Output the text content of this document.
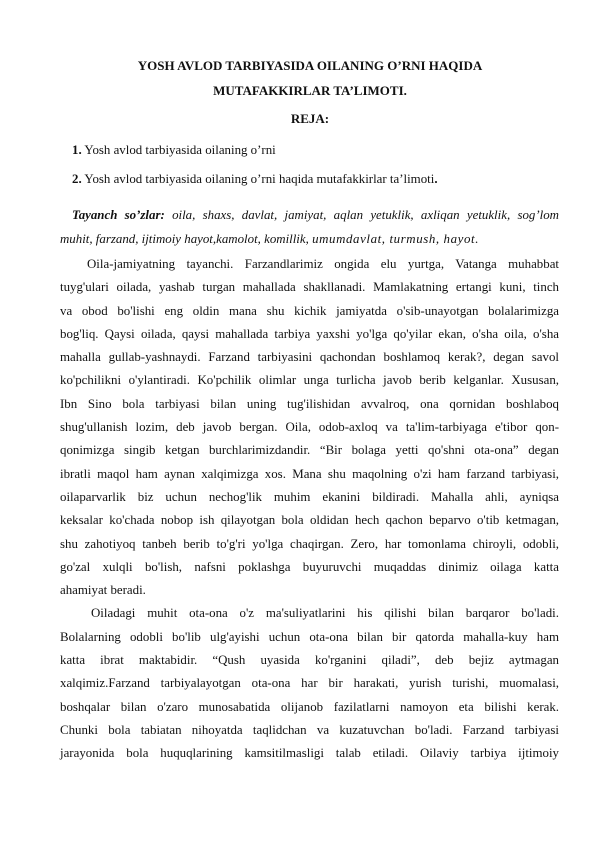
YOSH AVLOD TARBIYASIDA OILANING O’RNI HAQIDA

MUTAFAKKIRLAR TA’LIMOTI.

REJA:

1. Yosh avlod tarbiyasida oilaning o’rni
2. Yosh avlod tarbiyasida oilaning o’rni haqida mutafakkirlar ta’limoti.

Tayanch so’zlar: oila, shaxs, davlat, jamiyat, aqlan yetuklik, axliqan yetuklik, sog’lom
muhit, farzand, ijtimoiy hayot,kamolot, komillik, umumdavlat, turmush, hayot.

Oila-jamiyatning tayanchi. Farzandlarimiz ongida elu yurtga, Vatanga muhabbat
tuyg'ulari oilada, yashab turgan mahallada shakllanadi. Mamlakatning ertangi kuni, tinch
va obod bo'lishi eng oldin mana shu kichik jamiyatda o'sib-unayotgan bolalarimizga
bog'liq. Qaysi oilada, qaysi mahallada tarbiya yaxshi yo'lga qo'yilar ekan, o'sha oila, o'sha
mahalla gullab-yashnaydi. Farzand tarbiyasini qachondan boshlamoq kerak?, degan savol
ko'pchilikni o'ylantiradi. Ko'pchilik olimlar unga turlicha javob berib kelganlar. Xususan,
Ibn Sino bola tarbiyasi bilan uning tug'ilishidan avvalroq, ona qornidan boshlaboq
shug'ullanish lozim, deb javob bergan. Oila, odob-axloq va ta'lim-tarbiyaga e'tibor qon-
qonimizga singib ketgan burchlarimizdandir. “Bir bolaga yetti qo'shni ota-ona” degan
ibratli maqol ham aynan xalqimizga xos. Mana shu maqolning o'zi ham farzand tarbiyasi,
oilaparvarlik biz uchun nechog'lik muhim ekanini bildiradi. Mahalla ahli, ayniqsa
keksalar ko'chada nobop ish qilayotgan bola oldidan hech qachon beparvo o'tib ketmagan,
shu zahotiyoq tanbeh berib to'g'ri yo'lga chaqirgan. Zero, har tomonlama chiroyli, odobli,
go'zal xulqli bo'lish, nafsni poklashga buyuruvchi muqaddas dinimiz oilaga katta
ahamiyat beradi.
Oiladagi muhit ota-ona o'z ma'suliyatlarini his qilishi bilan barqaror bo'ladi.
Bolalarning odobli bo'lib ulg'ayishi uchun ota-ona bilan bir qatorda mahalla-kuy ham
katta ibrat maktabidir. “Qush uyasida ko'rganini qiladi”, deb bejiz aytmagan
xalqimiz.Farzand tarbiyalayotgan ota-ona har bir harakati, yurish turishi, muomalasi,
boshqalar bilan o'zaro munosabatida olijanob fazilatlarni namoyon eta bilishi kerak.
Chunki bola tabiatan nihoyatda taqlidchan va kuzatuvchan bo'ladi. Farzand tarbiyasi
jarayonida bola huquqlarining kamsitilmasligi talab etiladi. Oilaviy tarbiya ijtimoiy
